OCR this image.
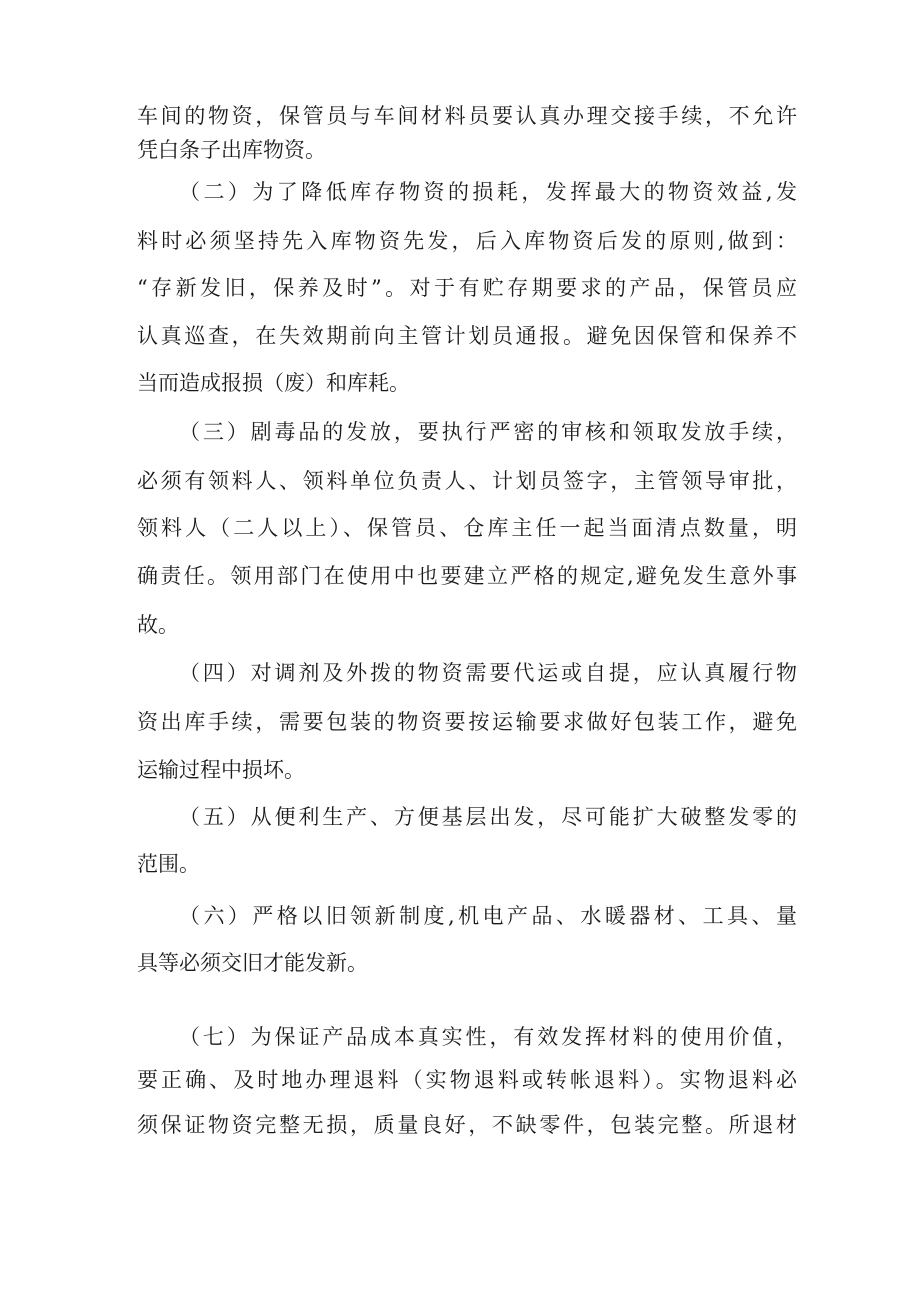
车间的物资，保管员与车间材料员要认真办理交接手续，不允许
凭白条子出库物资。
（二）为了降低库存物资的损耗，发挥最大的物资效益,发
料时必须坚持先入库物资先发，后入库物资后发的原则,做到：
“存新发旧，保养及时”。对于有贮存期要求的产品，保管员应
认真巡查，在失效期前向主管计划员通报。避免因保管和保养不
当而造成报损（废）和库耗。
（三）剧毒品的发放，要执行严密的审核和领取发放手续，
必须有领料人、领料单位负责人、计划员签字，主管领导审批，
领料人（二人以上）、保管员、仓库主任一起当面清点数量，明
确责任。领用部门在使用中也要建立严格的规定,避免发生意外事
故。
（四）对调剂及外拨的物资需要代运或自提，应认真履行物
资出库手续，需要包装的物资要按运输要求做好包装工作，避免
运输过程中损坏。
（五）从便利生产、方便基层出发，尽可能扩大破整发零的
范围。
（六）严格以旧领新制度,机电产品、水暖器材、工具、量
具等必须交旧才能发新。
（七）为保证产品成本真实性，有效发挥材料的使用价值，
要正确、及时地办理退料（实物退料或转帐退料）。实物退料必
须保证物资完整无损，质量良好，不缺零件，包装完整。所退材
